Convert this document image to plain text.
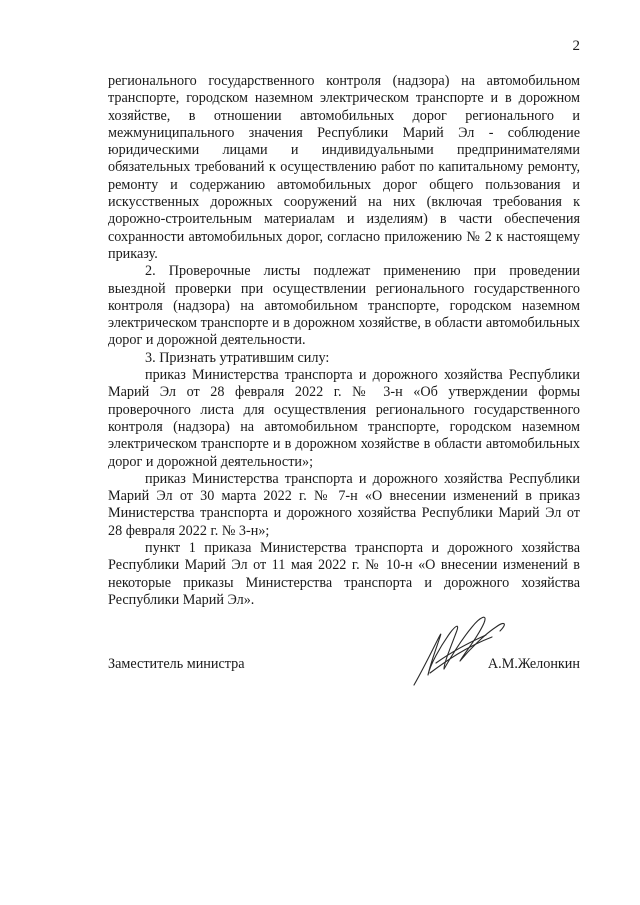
2

регионального государственного контроля (надзора) на автомобильном транспорте, городском наземном электрическом транспорте и в дорожном хозяйстве, в отношении автомобильных дорог регионального и межмуниципального значения Республики Марий Эл - соблюдение юридическими лицами и индивидуальными предпринимателями обязательных требований к осуществлению работ по капитальному ремонту, ремонту и содержанию автомобильных дорог общего пользования и искусственных дорожных сооружений на них (включая требования к дорожно-строительным материалам и изделиям) в части обеспечения сохранности автомобильных дорог, согласно приложению № 2 к настоящему приказу.

2. Проверочные листы подлежат применению при проведении выездной проверки при осуществлении регионального государственного контроля (надзора) на автомобильном транспорте, городском наземном электрическом транспорте и в дорожном хозяйстве, в области автомобильных дорог и дорожной деятельности.

3. Признать утратившим силу:

приказ Министерства транспорта и дорожного хозяйства Республики Марий Эл от 28 февраля 2022 г. № 3-н «Об утверждении формы проверочного листа для осуществления регионального государственного контроля (надзора) на автомобильном транспорте, городском наземном электрическом транспорте и в дорожном хозяйстве в области автомобильных дорог и дорожной деятельности»;

приказ Министерства транспорта и дорожного хозяйства Республики Марий Эл от 30 марта 2022 г. № 7-н «О внесении изменений в приказ Министерства транспорта и дорожного хозяйства Республики Марий Эл от 28 февраля 2022 г. № 3-н»;

пункт 1 приказа Министерства транспорта и дорожного хозяйства Республики Марий Эл от 11 мая 2022 г. № 10-н «О внесении изменений в некоторые приказы Министерства транспорта и дорожного хозяйства Республики Марий Эл».

Заместитель министра	А.М.Желонкин
